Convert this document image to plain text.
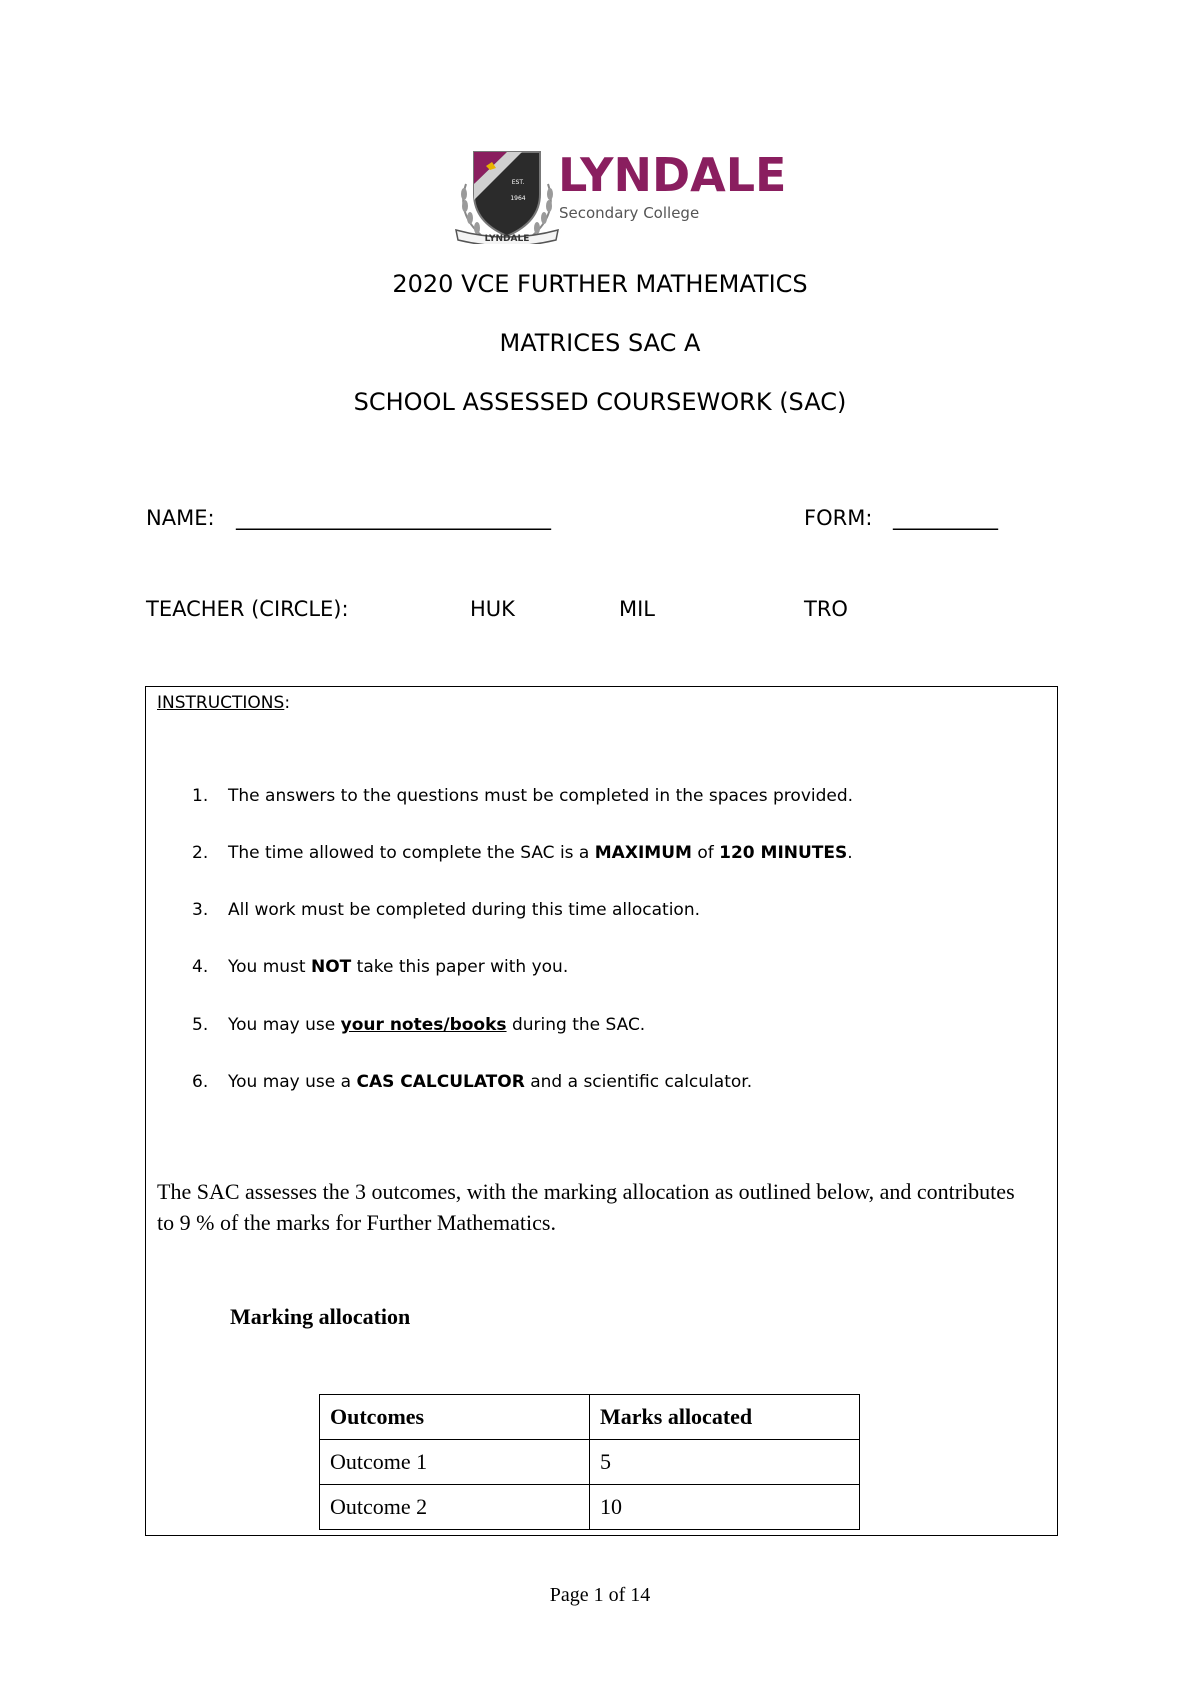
EST.
1964
LYNDALE
LYNDALE
Secondary College
2020 VCE FURTHER MATHEMATICS
MATRICES SAC A
SCHOOL ASSESSED COURSEWORK (SAC)
NAME: ______________________________	FORM: __________
TEACHER (CIRCLE):	HUK	MIL	TRO
INSTRUCTIONS:
1. The answers to the questions must be completed in the spaces provided.
2. The time allowed to complete the SAC is a MAXIMUM of 120 MINUTES.
3. All work must be completed during this time allocation.
4. You must NOT take this paper with you.
5. You may use your notes/books during the SAC.
6. You may use a CAS CALCULATOR and a scientific calculator.
The SAC assesses the 3 outcomes, with the marking allocation as outlined below, and contributes to 9 % of the marks for Further Mathematics.
Marking allocation
Outcomes	Marks allocated
Outcome 1	5
Outcome 2	10
Page 1 of 14
